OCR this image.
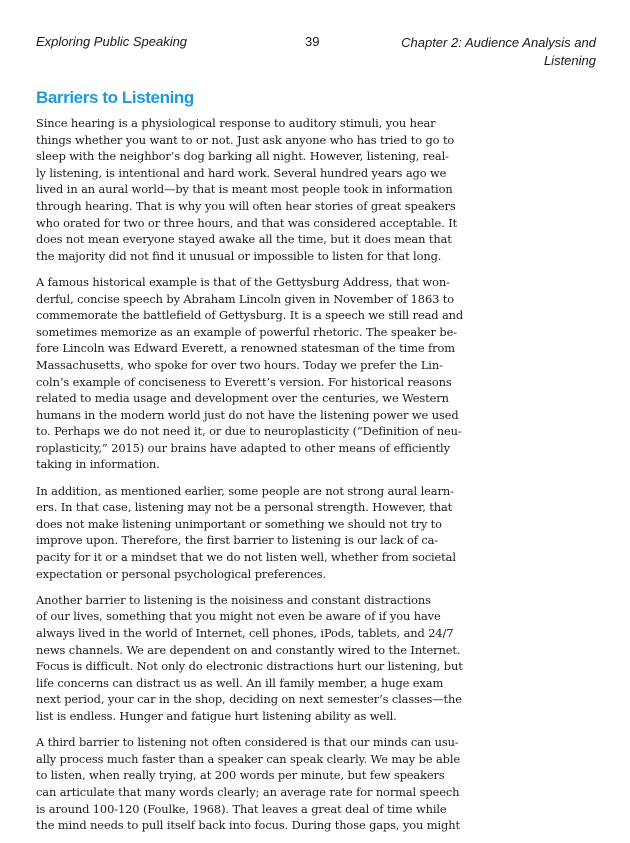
Exploring Public Speaking	39	Chapter 2: Audience Analysis and
Listening
Barriers to Listening

Since hearing is a physiological response to auditory stimuli, you hear
things whether you want to or not. Just ask anyone who has tried to go to
sleep with the neighbor’s dog barking all night. However, listening, real-
ly listening, is intentional and hard work. Several hundred years ago we
lived in an aural world—by that is meant most people took in information
through hearing. That is why you will often hear stories of great speakers
who orated for two or three hours, and that was considered acceptable. It
does not mean everyone stayed awake all the time, but it does mean that
the majority did not find it unusual or impossible to listen for that long.

A famous historical example is that of the Gettysburg Address, that won-
derful, concise speech by Abraham Lincoln given in November of 1863 to
commemorate the battlefield of Gettysburg. It is a speech we still read and
sometimes memorize as an example of powerful rhetoric. The speaker be-
fore Lincoln was Edward Everett, a renowned statesman of the time from
Massachusetts, who spoke for over two hours. Today we prefer the Lin-
coln’s example of conciseness to Everett’s version. For historical reasons
related to media usage and development over the centuries, we Western
humans in the modern world just do not have the listening power we used
to. Perhaps we do not need it, or due to neuroplasticity (“Definition of neu-
roplasticity,” 2015) our brains have adapted to other means of efficiently
taking in information.

In addition, as mentioned earlier, some people are not strong aural learn-
ers. In that case, listening may not be a personal strength. However, that
does not make listening unimportant or something we should not try to
improve upon. Therefore, the first barrier to listening is our lack of ca-
pacity for it or a mindset that we do not listen well, whether from societal
expectation or personal psychological preferences.

Another barrier to listening is the noisiness and constant distractions
of our lives, something that you might not even be aware of if you have
always lived in the world of Internet, cell phones, iPods, tablets, and 24/7
news channels. We are dependent on and constantly wired to the Internet.
Focus is difficult. Not only do electronic distractions hurt our listening, but
life concerns can distract us as well. An ill family member, a huge exam
next period, your car in the shop, deciding on next semester’s classes—the
list is endless. Hunger and fatigue hurt listening ability as well.

A third barrier to listening not often considered is that our minds can usu-
ally process much faster than a speaker can speak clearly. We may be able
to listen, when really trying, at 200 words per minute, but few speakers
can articulate that many words clearly; an average rate for normal speech
is around 100-120 (Foulke, 1968). That leaves a great deal of time while
the mind needs to pull itself back into focus. During those gaps, you might
